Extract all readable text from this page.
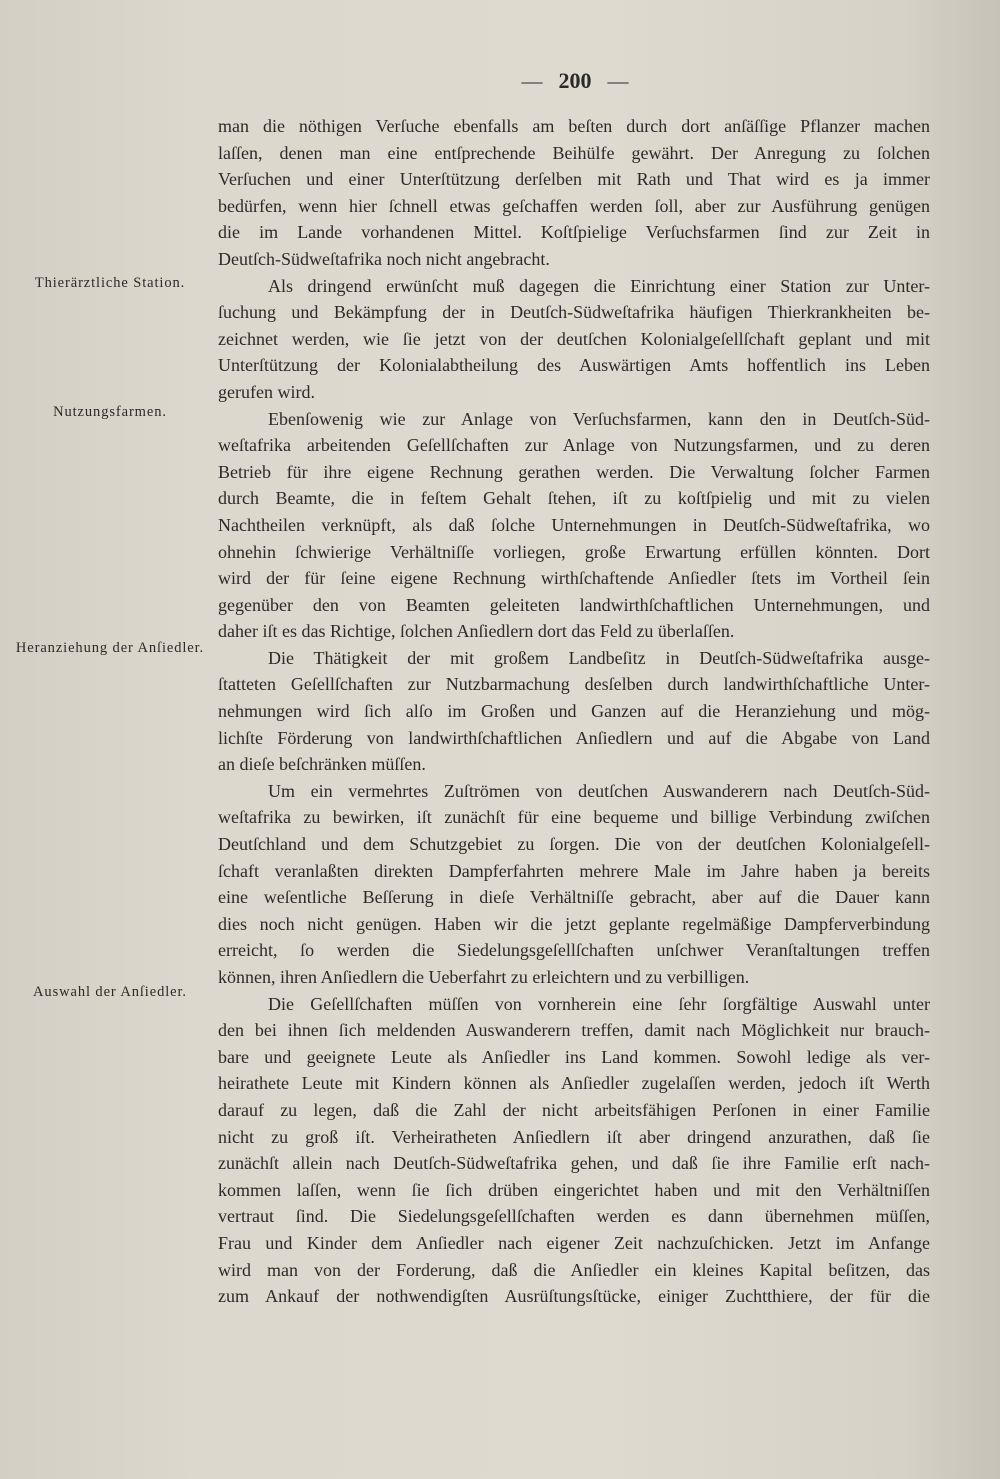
— 200 —
Thierärztliche Station.
Nutzungsfarmen.
Heranziehung der Anſiedler.
Auswahl der Anſiedler.
man die nöthigen Verſuche ebenfalls am beſten durch dort anſäſſige Pflanzer machen
laſſen, denen man eine entſprechende Beihülfe gewährt. Der Anregung zu ſolchen
Verſuchen und einer Unterſtützung derſelben mit Rath und That wird es ja immer
bedürfen, wenn hier ſchnell etwas geſchaffen werden ſoll, aber zur Ausführung genügen
die im Lande vorhandenen Mittel. Koſtſpielige Verſuchsfarmen ſind zur Zeit in
Deutſch-Südweſtafrika noch nicht angebracht.
Als dringend erwünſcht muß dagegen die Einrichtung einer Station zur Unter-
ſuchung und Bekämpfung der in Deutſch-Südweſtafrika häufigen Thierkrankheiten be-
zeichnet werden, wie ſie jetzt von der deutſchen Kolonialgeſellſchaft geplant und mit
Unterſtützung der Kolonialabtheilung des Auswärtigen Amts hoffentlich ins Leben
gerufen wird.
Ebenſowenig wie zur Anlage von Verſuchsfarmen, kann den in Deutſch-Süd-
weſtafrika arbeitenden Geſellſchaften zur Anlage von Nutzungsfarmen, und zu deren
Betrieb für ihre eigene Rechnung gerathen werden. Die Verwaltung ſolcher Farmen
durch Beamte, die in feſtem Gehalt ſtehen, iſt zu koſtſpielig und mit zu vielen
Nachtheilen verknüpft, als daß ſolche Unternehmungen in Deutſch-Südweſtafrika, wo
ohnehin ſchwierige Verhältniſſe vorliegen, große Erwartung erfüllen könnten. Dort
wird der für ſeine eigene Rechnung wirthſchaftende Anſiedler ſtets im Vortheil ſein
gegenüber den von Beamten geleiteten landwirthſchaftlichen Unternehmungen, und
daher iſt es das Richtige, ſolchen Anſiedlern dort das Feld zu überlaſſen.
Die Thätigkeit der mit großem Landbeſitz in Deutſch-Südweſtafrika ausge-
ſtatteten Geſellſchaften zur Nutzbarmachung desſelben durch landwirthſchaftliche Unter-
nehmungen wird ſich alſo im Großen und Ganzen auf die Heranziehung und mög-
lichſte Förderung von landwirthſchaftlichen Anſiedlern und auf die Abgabe von Land
an dieſe beſchränken müſſen.
Um ein vermehrtes Zuſtrömen von deutſchen Auswanderern nach Deutſch-Süd-
weſtafrika zu bewirken, iſt zunächſt für eine bequeme und billige Verbindung zwiſchen
Deutſchland und dem Schutzgebiet zu ſorgen. Die von der deutſchen Kolonialgeſell-
ſchaft veranlaßten direkten Dampferfahrten mehrere Male im Jahre haben ja bereits
eine weſentliche Beſſerung in dieſe Verhältniſſe gebracht, aber auf die Dauer kann
dies noch nicht genügen. Haben wir die jetzt geplante regelmäßige Dampferverbindung
erreicht, ſo werden die Siedelungsgeſellſchaften unſchwer Veranſtaltungen treffen
können, ihren Anſiedlern die Ueberfahrt zu erleichtern und zu verbilligen.
Die Geſellſchaften müſſen von vornherein eine ſehr ſorgfältige Auswahl unter
den bei ihnen ſich meldenden Auswanderern treffen, damit nach Möglichkeit nur brauch-
bare und geeignete Leute als Anſiedler ins Land kommen. Sowohl ledige als ver-
heirathete Leute mit Kindern können als Anſiedler zugelaſſen werden, jedoch iſt Werth
darauf zu legen, daß die Zahl der nicht arbeitsfähigen Perſonen in einer Familie
nicht zu groß iſt. Verheiratheten Anſiedlern iſt aber dringend anzurathen, daß ſie
zunächſt allein nach Deutſch-Südweſtafrika gehen, und daß ſie ihre Familie erſt nach-
kommen laſſen, wenn ſie ſich drüben eingerichtet haben und mit den Verhältniſſen
vertraut ſind. Die Siedelungsgeſellſchaften werden es dann übernehmen müſſen,
Frau und Kinder dem Anſiedler nach eigener Zeit nachzuſchicken. Jetzt im Anfange
wird man von der Forderung, daß die Anſiedler ein kleines Kapital beſitzen, das
zum Ankauf der nothwendigſten Ausrüſtungsſtücke, einiger Zuchtthiere, der für die
